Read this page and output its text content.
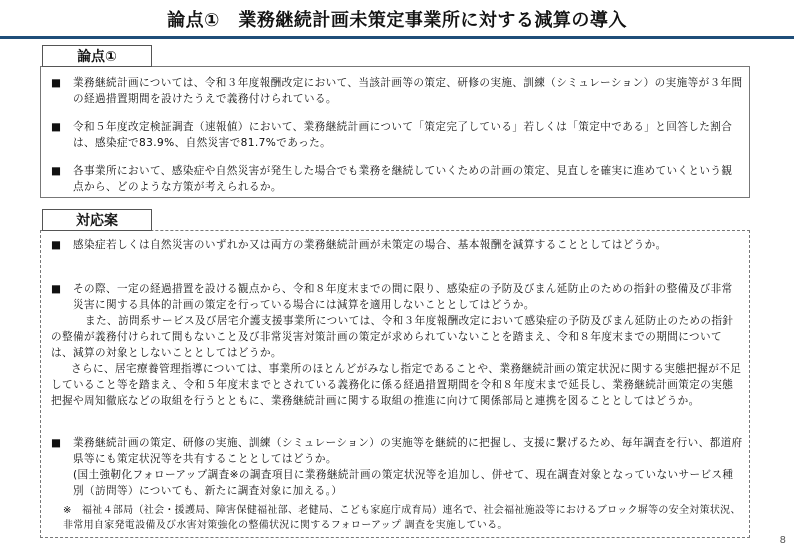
論点①　業務継続計画未策定事業所に対する減算の導入
論点①
■	業務継続計画については、令和３年度報酬改定において、当該計画等の策定、研修の実施、訓練（シミュレーション）の実施等が３年間の経過措置期間を設けたうえで義務付けられている。
■	令和５年度改定検証調査（速報値）において、業務継続計画について「策定完了している」若しくは「策定中である」と回答した割合は、感染症で83.9%、自然災害で81.7%であった。
■	各事業所において、感染症や自然災害が発生した場合でも業務を継続していくための計画の策定、見直しを確実に進めていくという観点から、どのような方策が考えられるか。
対応案
■	感染症若しくは自然災害のいずれか又は両方の業務継続計画が未策定の場合、基本報酬を減算することとしてはどうか。
■	その際、一定の経過措置を設ける観点から、令和８年度末までの間に限り、感染症の予防及びまん延防止のための指針の整備及び非常災害に関する具体的計画の策定を行っている場合には減算を適用しないこととしてはどうか。
また、訪問系サービス及び居宅介護支援事業所については、令和３年度報酬改定において感染症の予防及びまん延防止のための指針の整備が義務付けられて間もないこと及び非常災害対策計画の策定が求められていないことを踏まえ、令和８年度末までの期間については、減算の対象としないこととしてはどうか。
さらに、居宅療養管理指導については、事業所のほとんどがみなし指定であることや、業務継続計画の策定状況に関する実態把握が不足していること等を踏まえ、令和５年度末までとされている義務化に係る経過措置期間を令和８年度末まで延長し、業務継続計画策定の実態把握や周知徹底などの取組を行うとともに、業務継続計画に関する取組の推進に向けて関係部局と連携を図ることとしてはどうか。
■	業務継続計画の策定、研修の実施、訓練（シミュレーション）の実施等を継続的に把握し、支援に繋げるため、毎年調査を行い、都道府県等にも策定状況等を共有することとしてはどうか。
(国土強靭化フォローアップ調査※の調査項目に業務継続計画の策定状況等を追加し、併せて、現在調査対象となっていないサービス種別（訪問等）についても、新たに調査対象に加える。）
※　福祉４部局（社会・援護局、障害保健福祉部、老健局、こども家庭庁成育局）連名で、社会福祉施設等におけるブロック塀等の安全対策状況、非常用自家発電設備及び水害対策強化の整備状況に関するフォローアップ 調査を実施している。
8
